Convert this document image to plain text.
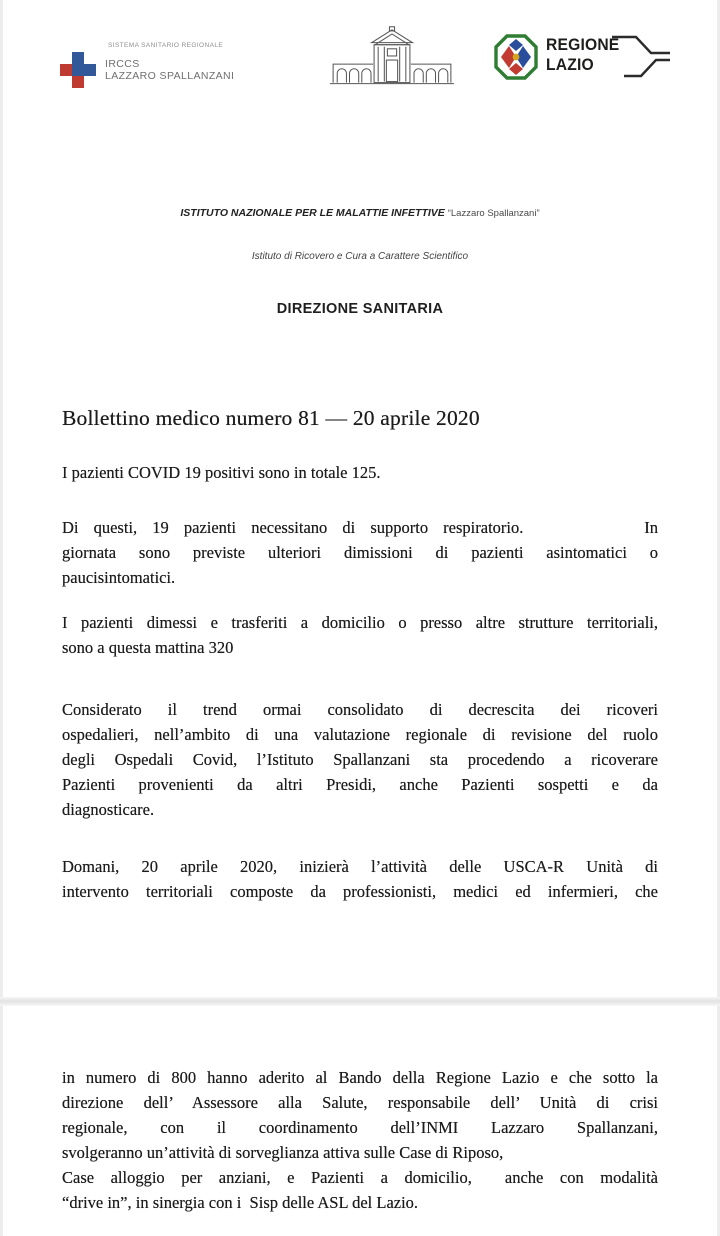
SISTEMA SANITARIO REGIONALE
IRCCS
LAZZARO SPALLANZANI
REGIONE
LAZIO
ISTITUTO NAZIONALE PER LE MALATTIE INFETTIVE “Lazzaro Spallanzani”
Istituto di Ricovero e Cura a Carattere Scientifico
DIREZIONE SANITARIA
Bollettino medico numero 81 — 20 aprile 2020
I pazienti COVID 19 positivi sono in totale 125.
Di questi, 19 pazienti necessitano di supporto respiratorio.        In
giornata sono previste ulteriori dimissioni di pazienti asintomatici o
paucisintomatici.
I pazienti dimessi e trasferiti a domicilio o presso altre strutture territoriali,
sono a questa mattina 320
Considerato il trend ormai consolidato di decrescita dei ricoveri
ospedalieri, nell’ambito di una valutazione regionale di revisione del ruolo
degli Ospedali Covid, l’Istituto Spallanzani sta procedendo a ricoverare
Pazienti provenienti da altri Presidi, anche Pazienti sospetti e da
diagnosticare.
Domani, 20 aprile 2020, inizierà l’attività delle USCA-R Unità di
intervento territoriali composte da professionisti, medici ed infermieri, che
in numero di 800 hanno aderito al Bando della Regione Lazio e che sotto la
direzione dell’ Assessore alla Salute, responsabile dell’ Unità di crisi
regionale, con il coordinamento dell’INMI Lazzaro Spallanzani,
svolgeranno un’attività di sorveglianza attiva sulle Case di Riposo,
Case alloggio per anziani, e Pazienti a domicilio,  anche con modalità
“drive in”, in sinergia con i  Sisp delle ASL del Lazio.
